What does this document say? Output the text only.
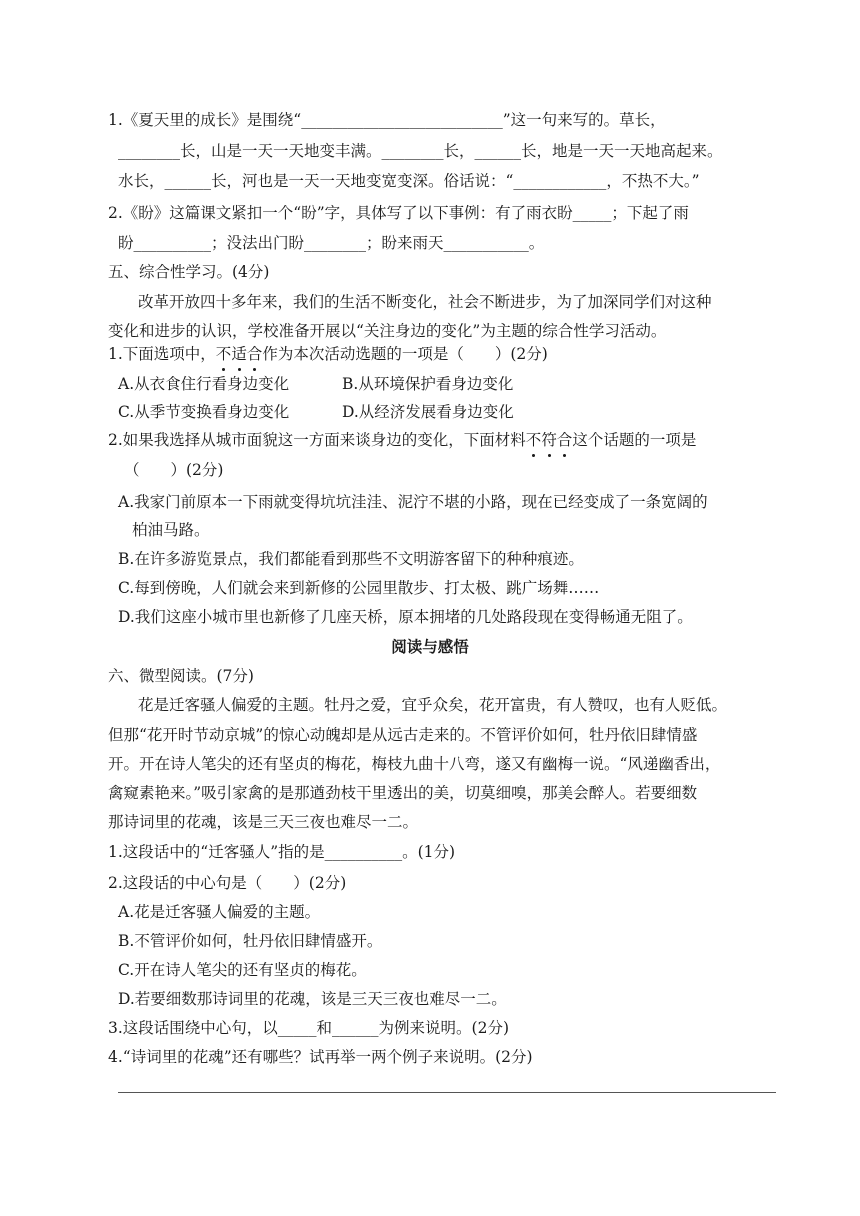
1.《夏天里的成长》是围绕“__________________________”这一句来写的。草长，
________长，山是一天一天地变丰满。________长，______长，地是一天一天地高起来。
水长，______长，河也是一天一天地变宽变深。俗话说：“____________，不热不大。”
2.《盼》这篇课文紧扣一个“盼”字，具体写了以下事例：有了雨衣盼_____；下起了雨
盼__________；没法出门盼________；盼来雨天___________。
五、综合性学习。(4分)
改革开放四十多年来，我们的生活不断变化，社会不断进步，为了加深同学们对这种
变化和进步的认识，学校准备开展以“关注身边的变化”为主题的综合性学习活动。
1.下面选项中，不适合作为本次活动选题的一项是（　　）(2分)
A.从衣食住行看身边变化	B.从环境保护看身边变化
C.从季节变换看身边变化	D.从经济发展看身边变化
2.如果我选择从城市面貌这一方面来谈身边的变化，下面材料不符合这个话题的一项是
（　　）(2分)
A.我家门前原本一下雨就变得坑坑洼洼、泥泞不堪的小路，现在已经变成了一条宽阔的
柏油马路。
B.在许多游览景点，我们都能看到那些不文明游客留下的种种痕迹。
C.每到傍晚，人们就会来到新修的公园里散步、打太极、跳广场舞……
D.我们这座小城市里也新修了几座天桥，原本拥堵的几处路段现在变得畅通无阻了。
阅读与感悟
六、微型阅读。(7分)
花是迁客骚人偏爱的主题。牡丹之爱，宜乎众矣，花开富贵，有人赞叹，也有人贬低。
但那“花开时节动京城”的惊心动魄却是从远古走来的。不管评价如何，牡丹依旧肆情盛
开。开在诗人笔尖的还有坚贞的梅花，梅枝九曲十八弯，遂又有幽梅一说。“风递幽香出，
禽窥素艳来。”吸引家禽的是那遒劲枝干里透出的美，切莫细嗅，那美会醉人。若要细数
那诗词里的花魂，该是三天三夜也难尽一二。
1.这段话中的“迁客骚人”指的是__________。(1分)
2.这段话的中心句是（　　）(2分)
A.花是迁客骚人偏爱的主题。
B.不管评价如何，牡丹依旧肆情盛开。
C.开在诗人笔尖的还有坚贞的梅花。
D.若要细数那诗词里的花魂，该是三天三夜也难尽一二。
3.这段话围绕中心句，以_____和______为例来说明。(2分)
4.“诗词里的花魂”还有哪些？试再举一两个例子来说明。(2分)
